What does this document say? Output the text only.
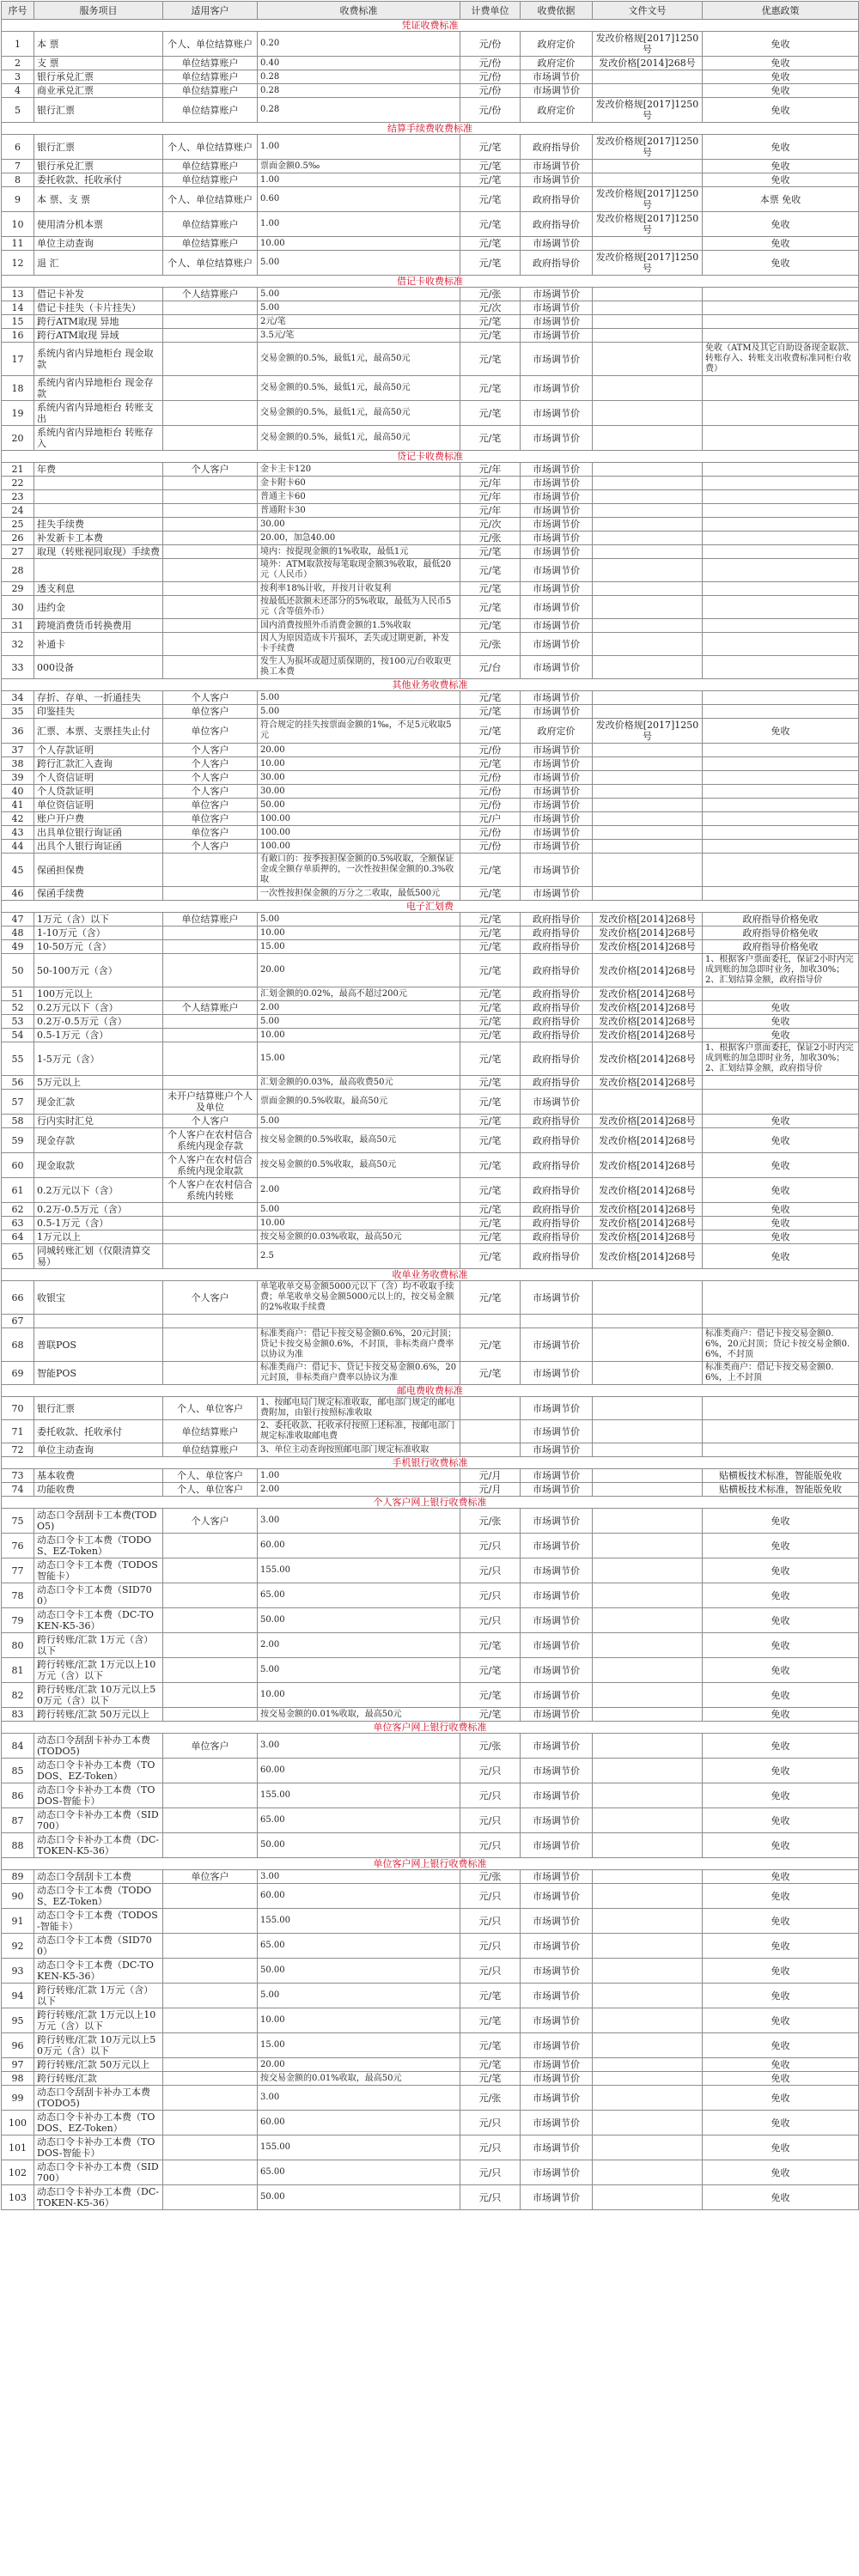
序号	服务项目	适用客户	收费标准	计费单位	收费依据	文件文号	优惠政策
凭证收费标准							
1	本 票	个人、单位结算账户	0.20	元/份	政府定价	发改价格规[2017]1250号	免收
2	支 票	单位结算账户	0.40	元/份	政府定价	发改价格[2014]268号	免收
3	银行承兑汇票	单位结算账户	0.28	元/份	市场调节价		免收
4	商业承兑汇票	单位结算账户	0.28	元/份	市场调节价		免收
5	银行汇票	单位结算账户	0.28	元/份	政府定价	发改价格规[2017]1250号	免收
结算手续费收费标准							
6	银行汇票	个人、单位结算账户	1.00	元/笔	政府指导价	发改价格规[2017]1250号	免收
7	银行承兑汇票	单位结算账户	票面金额0.5‰	元/笔	市场调节价		免收
8	委托收款、托收承付	单位结算账户	1.00	元/笔	市场调节价		免收
9	本 票、支 票	个人、单位结算账户	0.60	元/笔	政府指导价	发改价格规[2017]1250号	本票 免收
10	使用清分机本票	单位结算账户	1.00	元/笔	政府指导价	发改价格规[2017]1250号	免收
11	单位主动查询	单位结算账户	10.00	元/笔	市场调节价		免收
12	退 汇	个人、单位结算账户	5.00	元/笔	政府指导价	发改价格规[2017]1250号	免收
借记卡收费标准							
13	借记卡补发	个人结算账户	5.00	元/张	市场调节价		
14	借记卡挂失（卡片挂失）		5.00	元/次	市场调节价		
15	跨行ATM取现 异地		2元/笔	元/笔	市场调节价		
16	跨行ATM取现 异域		3.5元/笔	元/笔	市场调节价		
17	系统内省内异地柜台 现金取款		交易金额的0.5%，最低1元，最高50元	元/笔	市场调节价		免收（ATM及其它自助设备现金取款、转账存入、转账支出收费标准同柜台收费）
18	系统内省内异地柜台 现金存款		交易金额的0.5%，最低1元，最高50元	元/笔	市场调节价		
19	系统内省内异地柜台 转账支出		交易金额的0.5%，最低1元，最高50元	元/笔	市场调节价		
20	系统内省内异地柜台 转账存入		交易金额的0.5%，最低1元，最高50元	元/笔	市场调节价		
贷记卡收费标准							
21	年费	个人客户	金卡主卡120	元/年	市场调节价		
22			金卡附卡60	元/年	市场调节价		
23			普通主卡60	元/年	市场调节价		
24			普通附卡30	元/年	市场调节价		
25	挂失手续费		30.00	元/次	市场调节价		
26	补发新卡工本费		20.00，加急40.00	元/张	市场调节价		
27	取现（转账视同取现）手续费		境内：按提现金额的1%收取，最低1元	元/笔	市场调节价		
28			境外：ATM取款按每笔取现金额3%收取，最低20元（人民币）	元/笔	市场调节价		
29	透支利息		按利率18%计收，并按月计收复利	元/笔	市场调节价		
30	违约金		按最低还款额未还部分的5%收取，最低为人民币5元（含等值外币）	元/笔	市场调节价		
31	跨境消费货币转换费用		国内消费按照外币消费金额的1.5%收取	元/笔	市场调节价		
32	补通卡		因人为原因造成卡片损坏，丢失或过期更新，补发卡手续费	元/张	市场调节价		
33	000设备		发生人为损坏或超过质保期的，按100元/台收取更换工本费	元/台	市场调节价		
其他业务收费标准							
34	存折、存单、一折通挂失	个人客户	5.00	元/笔	市场调节价		
35	印鉴挂失	单位客户	5.00	元/笔	市场调节价		
36	汇票、本票、支票挂失止付	单位客户	符合规定的挂失按票面金额的1‰，不足5元收取5元	元/笔	政府定价	发改价格规[2017]1250号	免收
37	个人存款证明	个人客户	20.00	元/份	市场调节价		
38	跨行汇款汇入查询	个人客户	10.00	元/笔	市场调节价		
39	个人资信证明	个人客户	30.00	元/份	市场调节价		
40	个人贷款证明	个人客户	30.00	元/份	市场调节价		
41	单位资信证明	单位客户	50.00	元/份	市场调节价		
42	账户开户费	单位客户	100.00	元/户	市场调节价		
43	出具单位银行询证函	单位客户	100.00	元/份	市场调节价		
44	出具个人银行询证函	个人客户	100.00	元/份	市场调节价		
45	保函担保费		有敞口的：按季按担保金额的0.5%收取，全额保证金或全额存单质押的，一次性按担保金额的0.3%收取	元/笔	市场调节价		
46	保函手续费		一次性按担保金额的万分之二收取，最低500元	元/笔	市场调节价		
电子汇划费							
47	1万元（含）以下	单位结算账户	5.00	元/笔	政府指导价	发改价格[2014]268号	政府指导价格免收
48	1-10万元（含）		10.00	元/笔	政府指导价	发改价格[2014]268号	政府指导价格免收
49	10-50万元（含）		15.00	元/笔	政府指导价	发改价格[2014]268号	政府指导价格免收
50	50-100万元（含）		20.00	元/笔	政府指导价	发改价格[2014]268号	1、根据客户票面委托，保证2小时内完成到账的加急即时业务，加收30%；2、汇划结算金额，政府指导价
51	100万元以上		汇划金额的0.02%，最高不超过200元	元/笔	政府指导价	发改价格[2014]268号	
52	0.2万元以下（含）	个人结算账户	2.00	元/笔	政府指导价	发改价格[2014]268号	免收
53	0.2万-0.5万元（含）		5.00	元/笔	政府指导价	发改价格[2014]268号	免收
54	0.5-1万元（含）		10.00	元/笔	政府指导价	发改价格[2014]268号	免收
55	1-5万元（含）		15.00	元/笔	政府指导价	发改价格[2014]268号	1、根据客户票面委托，保证2小时内完成到账的加急即时业务，加收30%；2、汇划结算金额，政府指导价
56	5万元以上		汇划金额的0.03%，最高收费50元	元/笔	政府指导价	发改价格[2014]268号	
57	现金汇款	未开户结算账户个人及单位	票面金额的0.5%收取，最高50元	元/笔	市场调节价		
58	行内实时汇兑	个人客户	5.00	元/笔	政府指导价	发改价格[2014]268号	免收
59	现金存款	个人客户在农村信合系统内现金存款	按交易金额的0.5%收取，最高50元	元/笔	政府指导价	发改价格[2014]268号	免收
60	现金取款	个人客户在农村信合系统内现金取款	按交易金额的0.5%收取，最高50元	元/笔	政府指导价	发改价格[2014]268号	免收
61	0.2万元以下（含）	个人客户在农村信合系统内转账	2.00	元/笔	政府指导价	发改价格[2014]268号	免收
62	0.2万-0.5万元（含）		5.00	元/笔	政府指导价	发改价格[2014]268号	免收
63	0.5-1万元（含）		10.00	元/笔	政府指导价	发改价格[2014]268号	免收
64	1万元以上		按交易金额的0.03%收取，最高50元	元/笔	政府指导价	发改价格[2014]268号	免收
65	同城转账汇划（仅限清算交易）		2.5	元/笔	政府指导价	发改价格[2014]268号	免收
收单业务收费标准							
66	收银宝	个人客户	单笔收单交易金额5000元以下（含）均不收取手续费；单笔收单交易金额5000元以上的，按交易金额的2%收取手续费	元/笔	市场调节价		
67							
68	普联POS		标准类商户：借记卡按交易金额0.6%，20元封顶；贷记卡按交易金额0.6%，不封顶，非标类商户费率以协议为准	元/笔	市场调节价		标准类商户：借记卡按交易金额0.6%，20元封顶；贷记卡按交易金额0.6%，不封顶
69	智能POS		标准类商户：借记卡、贷记卡按交易金额0.6%，20元封顶，非标类商户费率以协议为准	元/笔	市场调节价		标准类商户：借记卡按交易金额0.6%，上不封顶
邮电费收费标准							
70	银行汇票	个人、单位客户	1、按邮电局门规定标准收取，邮电部门规定的邮电费附加，由银行按照标准收取		市场调节价		
71	委托收款、托收承付	单位结算账户	2、委托收款、托收承付按照上述标准，按邮电部门规定标准收取邮电费		市场调节价		
72	单位主动查询	单位结算账户	3、单位主动查询按照邮电部门规定标准收取		市场调节价		
手机银行收费标准							
73	基本收费	个人、单位客户	1.00	元/月	市场调节价		贴横板技术标准，智能版免收
74	功能收费	个人、单位客户	2.00	元/月	市场调节价		贴横板技术标准，智能版免收
个人客户网上银行收费标准							
75	动态口令刮刮卡工本费(TODO5)	个人客户	3.00	元/张	市场调节价		免收
76	动态口令卡工本费（TODOS、EZ-Token）		60.00	元/只	市场调节价		免收
77	动态口令卡工本费（TODOS智能卡）		155.00	元/只	市场调节价		免收
78	动态口令卡工本费（SID700）		65.00	元/只	市场调节价		免收
79	动态口令卡工本费（DC-TOKEN-K5-36）		50.00	元/只	市场调节价		免收
80	跨行转账/汇款 1万元（含）以下		2.00	元/笔	市场调节价		免收
81	跨行转账/汇款 1万元以上10万元（含）以下		5.00	元/笔	市场调节价		免收
82	跨行转账/汇款 10万元以上50万元（含）以下		10.00	元/笔	市场调节价		免收
83	跨行转账/汇款 50万元以上		按交易金额的0.01%收取，最高50元	元/笔	市场调节价		免收
单位客户网上银行收费标准							
84	动态口令刮刮卡补办工本费(TODO5)	单位客户	3.00	元/张	市场调节价		免收
85	动态口令卡补办工本费（TODOS、EZ-Token）		60.00	元/只	市场调节价		免收
86	动态口令卡补办工本费（TODOS-智能卡）		155.00	元/只	市场调节价		免收
87	动态口令卡补办工本费（SID700）		65.00	元/只	市场调节价		免收
88	动态口令卡补办工本费（DC-TOKEN-K5-36）		50.00	元/只	市场调节价		免收
单位客户网上银行收费标准							
89	动态口令刮刮卡工本费	单位客户	3.00	元/张	市场调节价		免收
90	动态口令卡工本费（TODOS、EZ-Token）		60.00	元/只	市场调节价		免收
91	动态口令卡工本费（TODOS-智能卡）		155.00	元/只	市场调节价		免收
92	动态口令卡工本费（SID700）		65.00	元/只	市场调节价		免收
93	动态口令卡工本费（DC-TOKEN-K5-36）		50.00	元/只	市场调节价		免收
94	跨行转账/汇款 1万元（含）以下		5.00	元/笔	市场调节价		免收
95	跨行转账/汇款 1万元以上10万元（含）以下		10.00	元/笔	市场调节价		免收
96	跨行转账/汇款 10万元以上50万元（含）以下		15.00	元/笔	市场调节价		免收
97	跨行转账/汇款 50万元以上		20.00	元/笔	市场调节价		免收
98	跨行转账/汇款		按交易金额的0.01%收取，最高50元	元/笔	市场调节价		免收
99	动态口令刮刮卡补办工本费(TODO5)		3.00	元/张	市场调节价		免收
100	动态口令卡补办工本费（TODOS、EZ-Token）		60.00	元/只	市场调节价		免收
101	动态口令卡补办工本费（TODOS-智能卡）		155.00	元/只	市场调节价		免收
102	动态口令卡补办工本费（SID700）		65.00	元/只	市场调节价		免收
103	动态口令卡补办工本费（DC-TOKEN-K5-36）		50.00	元/只	市场调节价		免收
